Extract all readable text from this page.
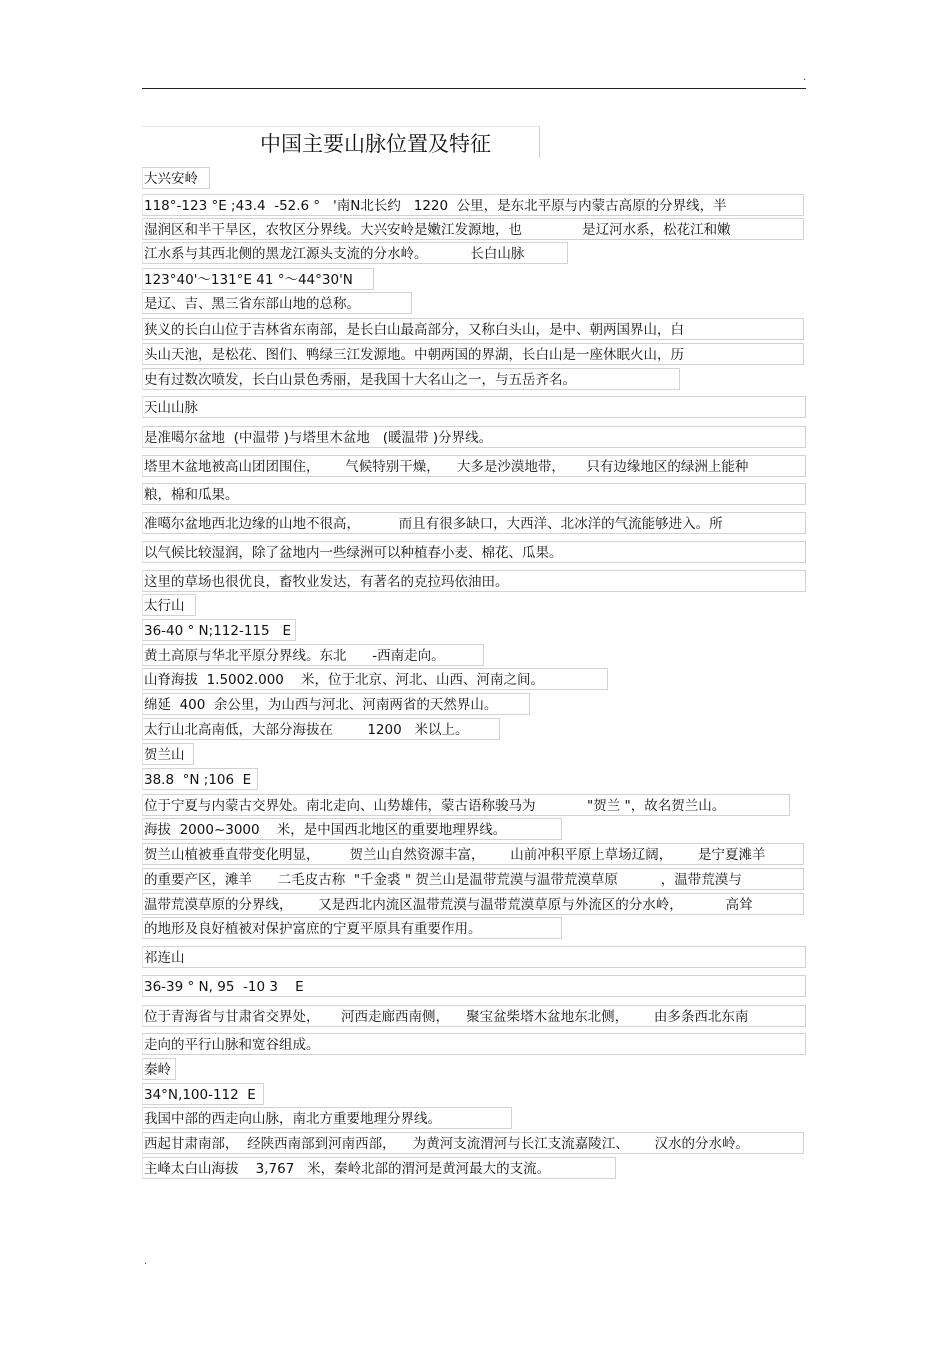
.
.
中国主要山脉位置及特征
大兴安岭
118°-123 °E ;43.4  -52.6 °   '南N北长约   1220  公里，是东北平原与内蒙古高原的分界线，半
湿润区和半干旱区，农牧区分界线。大兴安岭是嫩江发源地，也              是辽河水系，松花江和嫩
江水系与其西北侧的黑龙江源头支流的分水岭。          长白山脉
123°40'～131°E 41 °～44°30'N
是辽、吉、黑三省东部山地的总称。
狭义的长白山位于吉林省东南部，是长白山最高部分，又称白头山，是中、朝两国界山，白
头山天池，是松花、图们、鸭绿三江发源地。中朝两国的界湖，长白山是一座休眠火山，历
史有过数次喷发，长白山景色秀丽，是我国十大名山之一，与五岳齐名。
天山山脉
是准噶尔盆地  (中温带 )与塔里木盆地   (暖温带 )分界线。
塔里木盆地被高山团团围住，      气候特别干燥，    大多是沙漠地带，     只有边缘地区的绿洲上能种
粮，棉和瓜果。
准噶尔盆地西北边缘的山地不很高，         而且有很多缺口，大西洋、北冰洋的气流能够进入。所
以气候比较湿润，除了盆地内一些绿洲可以种植春小麦、棉花、瓜果。
这里的草场也很优良，畜牧业发达，有著名的克拉玛依油田。
太行山
36-40 ° N;112-115   E
黄土高原与华北平原分界线。东北      -西南走向。
山脊海拔  1.5002.000    米，位于北京、河北、山西、河南之间。
绵延  400  余公里，为山西与河北、河南两省的天然界山。
太行山北高南低，大部分海拔在        1200   米以上。
贺兰山
38.8  °N ;106  E
位于宁夏与内蒙古交界处。南北走向、山势雄伟，蒙古语称骏马为            "贺兰 "，故名贺兰山。
海拔  2000~3000    米，是中国西北地区的重要地理界线。
贺兰山植被垂直带变化明显，       贺兰山自然资源丰富，      山前冲积平原上草场辽阔，      是宁夏滩羊
的重要产区，滩羊      二毛皮古称  "千金裘 " 贺兰山是温带荒漠与温带荒漠草原          ，温带荒漠与
温带荒漠草原的分界线，      又是西北内流区温带荒漠与温带荒漠草原与外流区的分水岭，          高耸
的地形及良好植被对保护富庶的宁夏平原具有重要作用。
祁连山
36-39 ° N, 95  -10 3    E
位于青海省与甘肃省交界处，     河西走廊西南侧，    聚宝盆柴塔木盆地东北侧，      由多条西北东南
走向的平行山脉和宽谷组成。
秦岭
34°N,100-112  E
我国中部的西走向山脉，南北方重要地理分界线。
西起甘肃南部，  经陕西南部到河南西部，    为黄河支流渭河与长江支流嘉陵江、      汉水的分水岭。
主峰太白山海拔    3,767   米，秦岭北部的渭河是黄河最大的支流。
